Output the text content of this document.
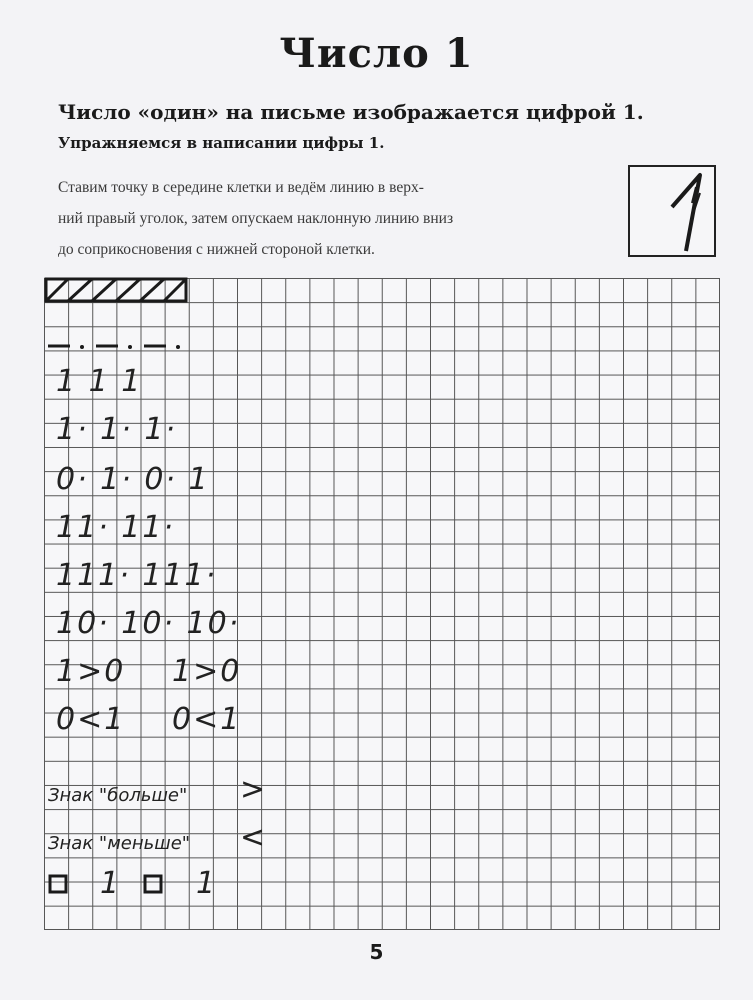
Число 1
Число «один» на письме изображается цифрой 1.
Упражняемся в написании цифры 1.
Ставим точку в середине клетки и ведём линию в верх-
ний правый уголок, затем опускаем наклонную линию вниз
до соприкосновения с нижней стороной клетки.
1 1 1
1· 1· 1·
0· 1· 0· 1
11· 11·
111· 111·
10· 10· 10·
1>0 1>0
0<1 0<1
Знак "больше" >
Знак "меньше" <
1 1
5
